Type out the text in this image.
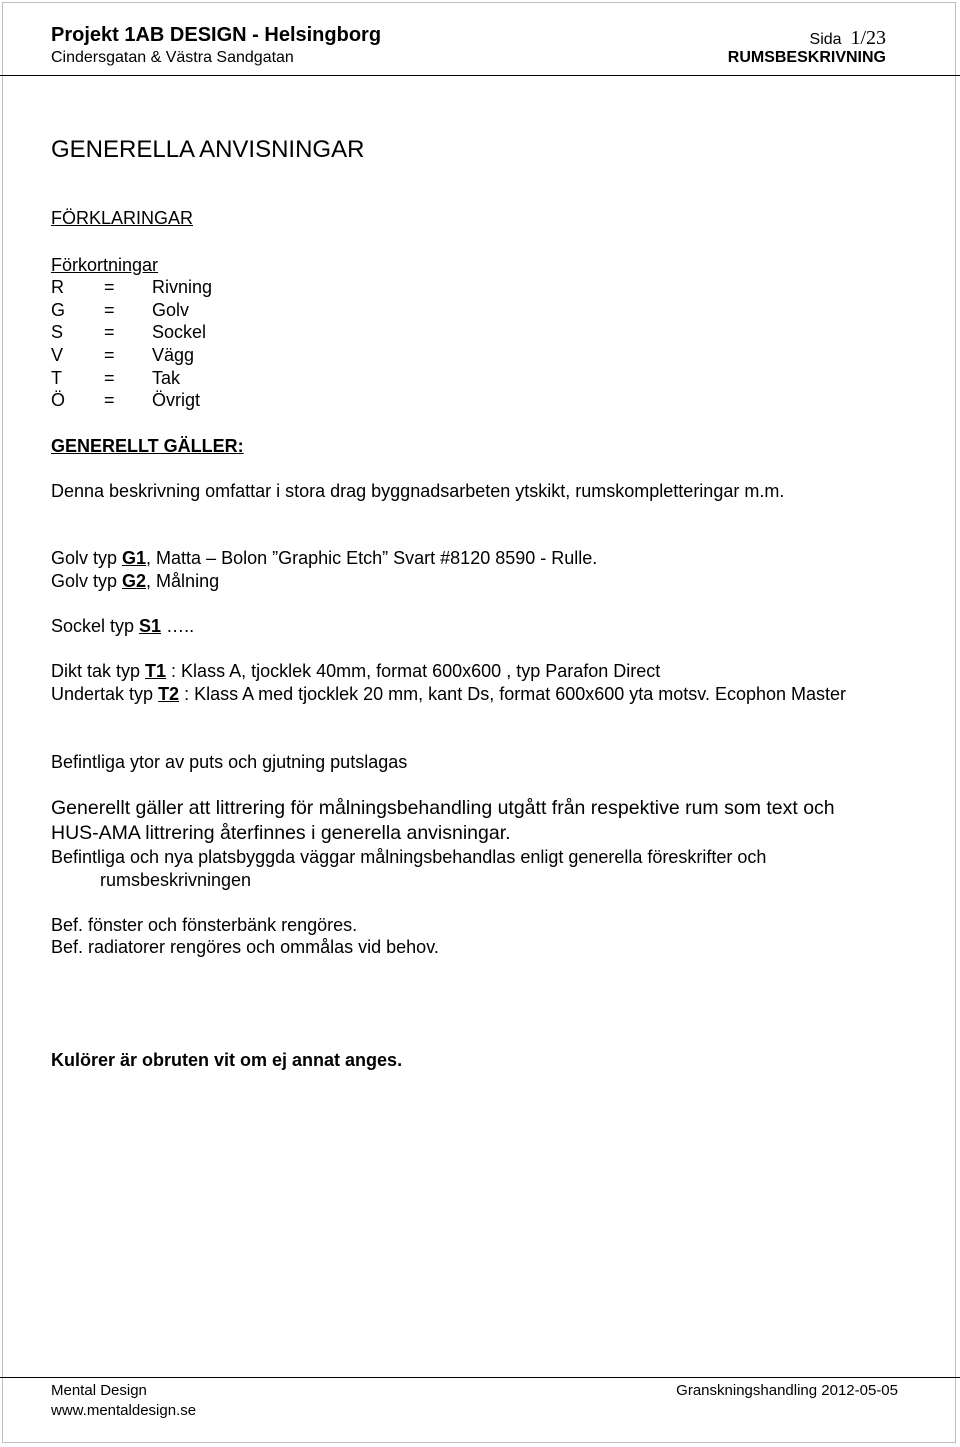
Projekt 1AB DESIGN - Helsingborg
Cindersgatan & Västra Sandgatan
Sida 1/23
RUMSBESKRIVNING
GENERELLA ANVISNINGAR
FÖRKLARINGAR
Förkortningar
R = Rivning
G = Golv
S = Sockel
V = Vägg
T = Tak
Ö = Övrigt
GENERELLT GÄLLER:
Denna beskrivning omfattar i stora drag byggnadsarbeten ytskikt, rumskompletteringar m.m.
Golv typ G1, Matta – Bolon ”Graphic Etch” Svart #8120 8590 - Rulle.
Golv typ G2, Målning
Sockel typ S1 …..
Dikt tak typ T1 : Klass A, tjocklek 40mm, format 600x600 , typ Parafon Direct
Undertak typ T2 : Klass A med tjocklek 20 mm, kant Ds, format 600x600 yta motsv. Ecophon Master
Befintliga ytor av puts och gjutning putslagas
Generellt gäller att littrering för målningsbehandling utgått från respektive rum som text och
HUS-AMA littrering återfinnes i generella anvisningar.
Befintliga och nya platsbyggda väggar målningsbehandlas enligt generella föreskrifter och
rumsbeskrivningen
Bef. fönster och fönsterbänk rengöres.
Bef. radiatorer rengöres och ommålas vid behov.
Kulörer är obruten vit om ej annat anges.
Mental Design
www.mentaldesign.se
Granskningshandling 2012-05-05
